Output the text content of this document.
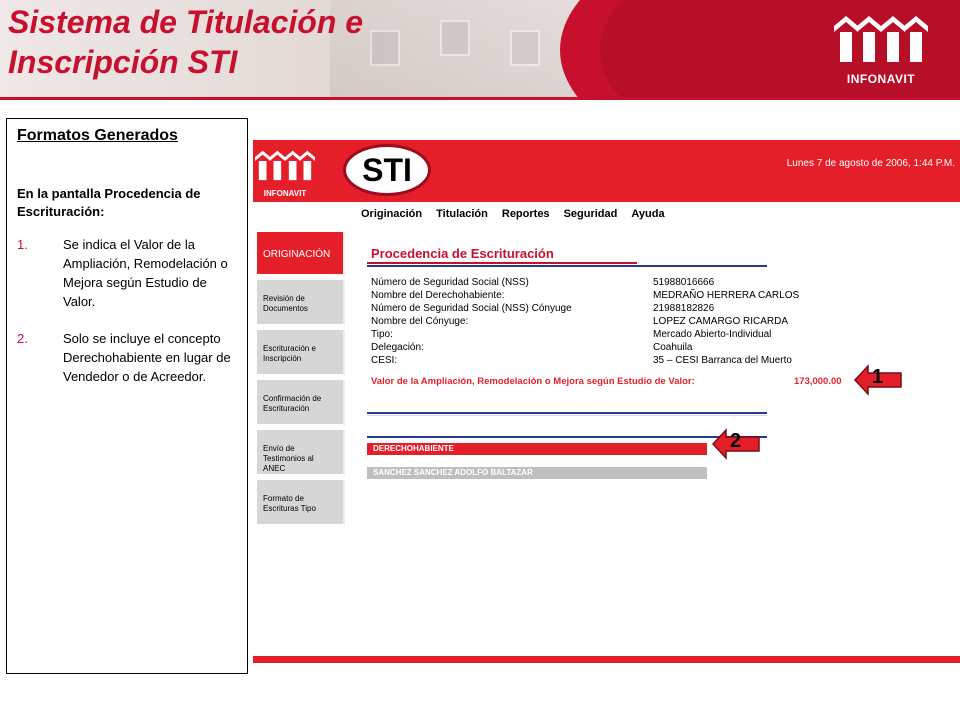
Sistema de Titulación e
Inscripción STI	INFONAVIT
Formatos Generados
En la pantalla Procedencia de Escrituración:
1.	Se indica el Valor de la Ampliación, Remodelación o Mejora según Estudio de Valor.
2.	Solo se incluye el concepto Derechohabiente en lugar de Vendedor o de Acreedor.
INFONAVIT
STI	Lunes 7 de agosto de 2006, 1:44 P.M.
Originación Titulación Reportes Seguridad Ayuda
ORIGINACIÓN
Revisión de Documentos
Escrituración e Inscripción
Confirmación de Escrituración
Envío de Testimonios al ANEC
Formato de Escrituras Tipo
Procedencia de Escrituración
Número de Seguridad Social (NSS)	51988016666
Nombre del Derechohabiente:	MEDRAÑO HERRERA CARLOS
Número de Seguridad Social (NSS) Cónyuge	21988182826
Nombre del Cónyuge:	LOPEZ CAMARGO RICARDA
Tipo:	Mercado Abierto-Individual
Delegación:	Coahuila
CESI:	35 – CESI Barranca del Muerto
Valor de la Ampliación, Remodelación o Mejora según Estudio de Valor:	173,000.00
DERECHOHABIENTE
SANCHEZ SANCHEZ ADOLFO BALTAZAR
1
2
